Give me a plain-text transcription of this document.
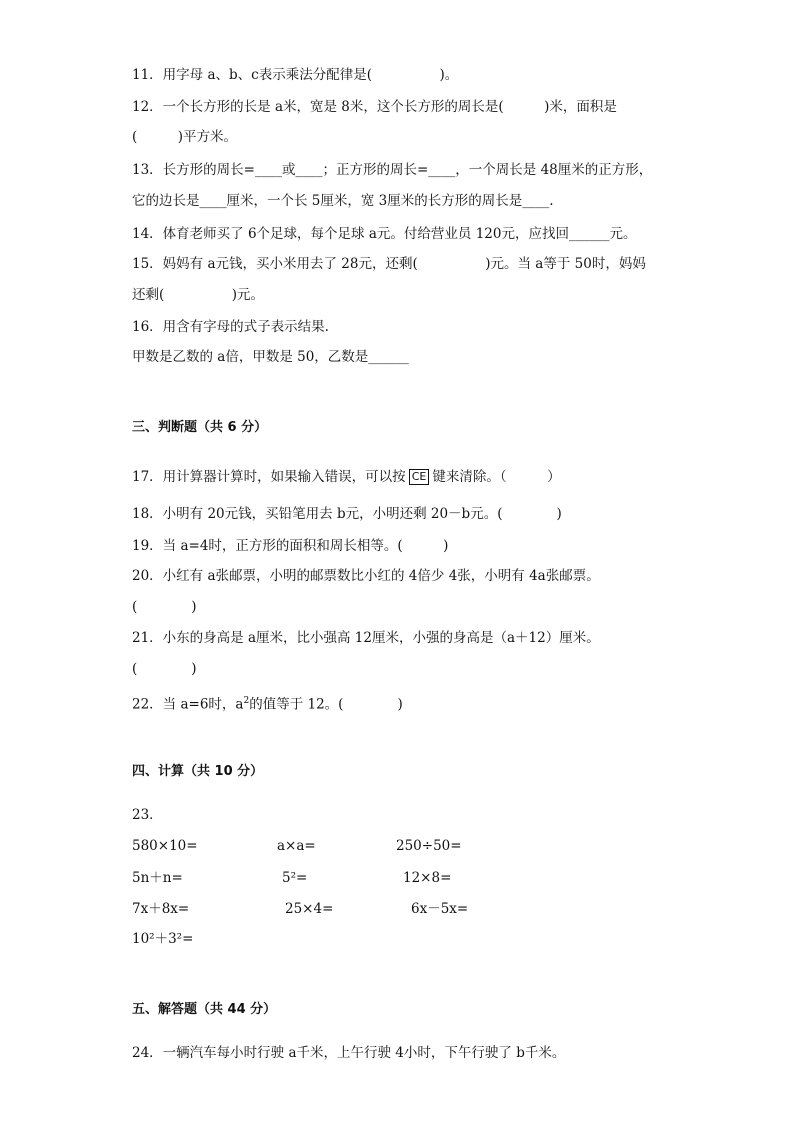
11．用字母 a、b、c表示乘法分配律是(　　　　　)。
12．一个长方形的长是 a米，宽是 8米，这个长方形的周长是(　　　)米，面积是
(　　　)平方米。
13．长方形的周长=____或____；正方形的周长=____，一个周长是 48厘米的正方形，
它的边长是____厘米，一个长 5厘米，宽 3厘米的长方形的周长是____.
14．体育老师买了 6个足球，每个足球 a元。付给营业员 120元，应找回______元。
15．妈妈有 a元钱，买小米用去了 28元，还剩(　　　　　)元。当 a等于 50时，妈妈
还剩(　　　　　)元。
16．用含有字母的式子表示结果.
甲数是乙数的 a倍，甲数是 50，乙数是______
三、判断题（共 6 分）
17．用计算器计算时，如果输入错误，可以按 CE 键来清除。（　　　）
18．小明有 20元钱，买铅笔用去 b元，小明还剩 20－b元。(　　　　)
19．当 a=4时，正方形的面积和周长相等。(　　　)
20．小红有 a张邮票，小明的邮票数比小红的 4倍少 4张，小明有 4a张邮票。
(　　　　)
21．小东的身高是 a厘米，比小强高 12厘米，小强的身高是（a＋12）厘米。
(　　　　)
22．当 a=6时，$a^2$的值等于 12。(　　　　)
四、计算（共 10 分）
23．
580×10=	a×a=	250÷50=
5n＋n=	5²=	12×8=
7x＋8x=	25×4=	6x－5x=
10²＋3²=
五、解答题（共 44 分）
24．一辆汽车每小时行驶 a千米，上午行驶 4小时，下午行驶了 b千米。
